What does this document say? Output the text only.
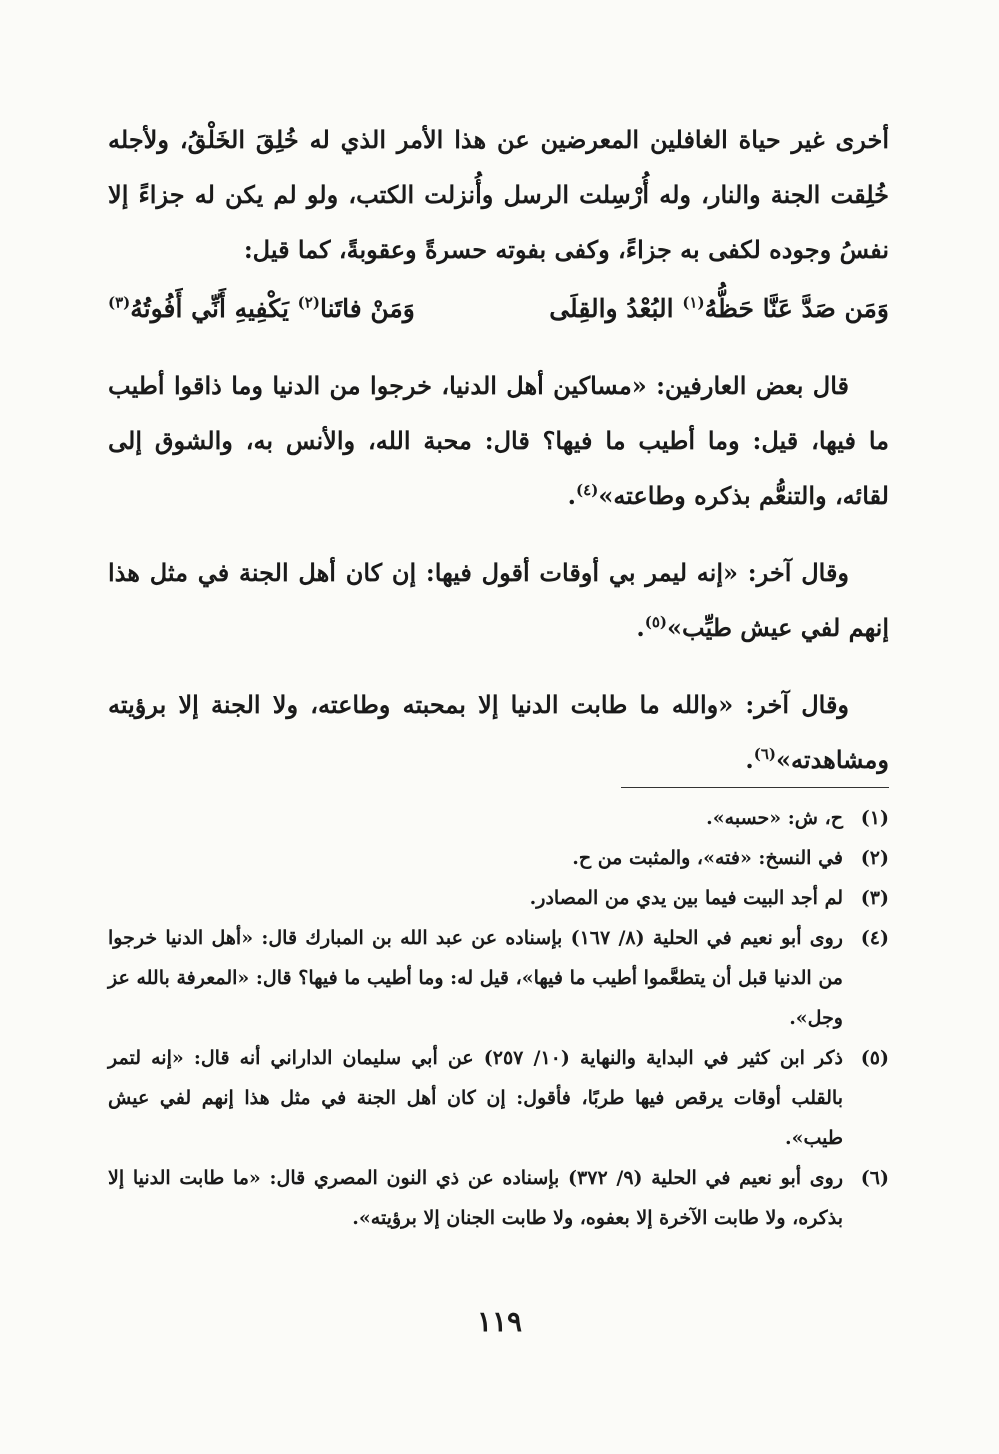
أخرى غير حياة الغافلين المعرضين عن هذا الأمر الذي له خُلِقَ الخَلْقُ، ولأجله خُلِقت الجنة والنار، وله أُرْسِلت الرسل وأُنزلت الكتب، ولو لم يكن له جزاءً إلا نفسُ وجوده لكفى به جزاءً، وكفى بفوته حسرةً وعقوبةً، كما قيل:

وَمَن صَدَّ عَنَّا حَظُّهُ$^{(١)}$ البُعْدُ والقِلَى
وَمَنْ فاتَنا$^{(٢)}$ يَكْفِيهِ أَنِّي أَفُوتُهُ$^{(٣)}$

قال بعض العارفين: «مساكين أهل الدنيا، خرجوا من الدنيا وما ذاقوا أطيب ما فيها، قيل: وما أطيب ما فيها؟ قال: محبة الله، والأنس به، والشوق إلى لقائه، والتنعُّم بذكره وطاعته»$^{(٤)}$.

وقال آخر: «إنه ليمر بي أوقات أقول فيها: إن كان أهل الجنة في مثل هذا إنهم لفي عيش طيِّب»$^{(٥)}$.

وقال آخر: «والله ما طابت الدنيا إلا بمحبته وطاعته، ولا الجنة إلا برؤيته ومشاهدته»$^{(٦)}$.

(١)
ح، ش: «حسبه».
(٢)
في النسخ: «فته»، والمثبت من ح.
(٣)
لم أجد البيت فيما بين يدي من المصادر.
(٤)
روى أبو نعيم في الحلية (٨/ ١٦٧) بإسناده عن عبد الله بن المبارك قال: «أهل الدنيا خرجوا من الدنيا قبل أن يتطعَّموا أطيب ما فيها»، قيل له: وما أطيب ما فيها؟ قال: «المعرفة بالله عز وجل».
(٥)
ذكر ابن كثير في البداية والنهاية (١٠/ ٢٥٧) عن أبي سليمان الداراني أنه قال: «إنه لتمر بالقلب أوقات يرقص فيها طربًا، فأقول: إن كان أهل الجنة في مثل هذا إنهم لفي عيش طيب».
(٦)
روى أبو نعيم في الحلية (٩/ ٣٧٢) بإسناده عن ذي النون المصري قال: «ما طابت الدنيا إلا بذكره، ولا طابت الآخرة إلا بعفوه، ولا طابت الجنان إلا برؤيته».
١١٩
